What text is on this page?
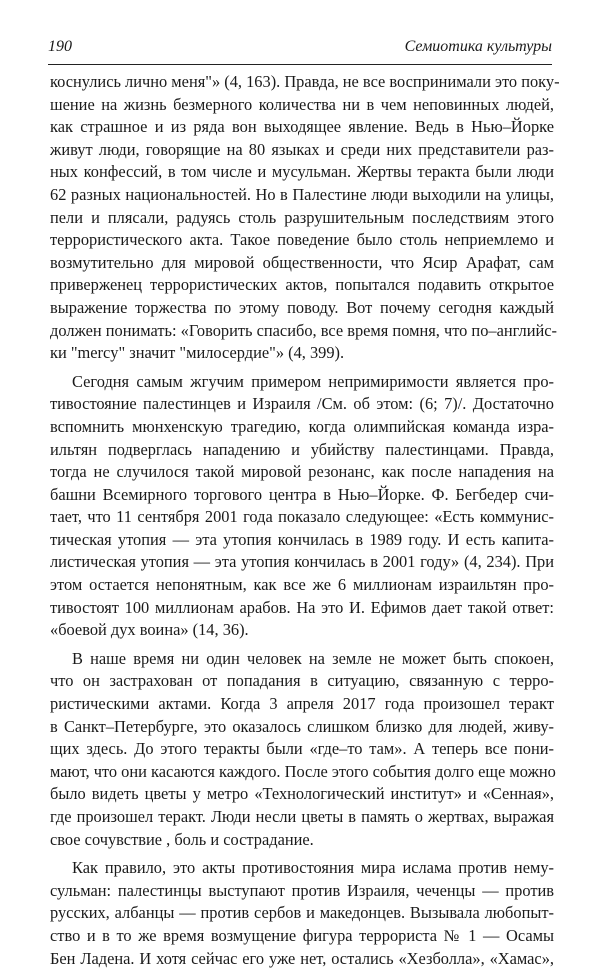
190	Семиотика культуры
коснулись лично меня"» (4, 163). Правда, не все воспринимали это поку-
шение на жизнь безмерного количества ни в чем неповинных людей,
как страшное и из ряда вон выходящее явление. Ведь в Нью–Йорке
живут люди, говорящие на 80 языках и среди них представители раз-
ных конфессий, в том числе и мусульман. Жертвы теракта были люди
62 разных национальностей. Но в Палестине люди выходили на улицы,
пели и плясали, радуясь столь разрушительным последствиям этого
террористического акта. Такое поведение было столь неприемлемо и
возмутительно для мировой общественности, что Ясир Арафат, сам
приверженец террористических актов, попытался подавить открытое
выражение торжества по этому поводу. Вот почему сегодня каждый
должен понимать: «Говорить спасибо, все время помня, что по–английс-
ки "mercy" значит "милосердие"» (4, 399).
Сегодня самым жгучим примером непримиримости является про-
тивостояние палестинцев и Израиля /См. об этом: (6; 7)/. Достаточно
вспомнить мюнхенскую трагедию, когда олимпийская команда изра-
ильтян подверглась нападению и убийству палестинцами. Правда,
тогда не случилося такой мировой резонанс, как после нападения на
башни Всемирного торгового центра в Нью–Йорке. Ф. Бегбедер счи-
тает, что 11 сентября 2001 года показало следующее: «Есть коммунис-
тическая утопия — эта утопия кончилась в 1989 году. И есть капита-
листическая утопия — эта утопия кончилась в 2001 году» (4, 234). При
этом остается непонятным, как все же 6 миллионам израильтян про-
тивостоят 100 миллионам арабов. На это И. Ефимов дает такой ответ:
«боевой дух воина» (14, 36).
В наше время ни один человек на земле не может быть спокоен,
что он застрахован от попадания в ситуацию, связанную с терро-
ристическими актами. Когда 3 апреля 2017 года произошел теракт
в Санкт–Петербурге, это оказалось слишком близко для людей, живу-
щих здесь. До этого теракты были «где–то там». А теперь все пони-
мают, что они касаются каждого. После этого события долго еще можно
было видеть цветы у метро «Технологический институт» и «Сенная»,
где произошел теракт. Люди несли цветы в память о жертвах, выражая
свое сочувствие , боль и сострадание.
Как правило, это акты противостояния мира ислама против нему-
сульман: палестинцы выступают против Израиля, чеченцы — против
русских, албанцы — против сербов и македонцев. Вызывала любопыт-
ство и в то же время возмущение фигура террориста № 1 — Осамы
Бен Ладена. И хотя сейчас его уже нет, остались «Хезболла», «Хамас»,
